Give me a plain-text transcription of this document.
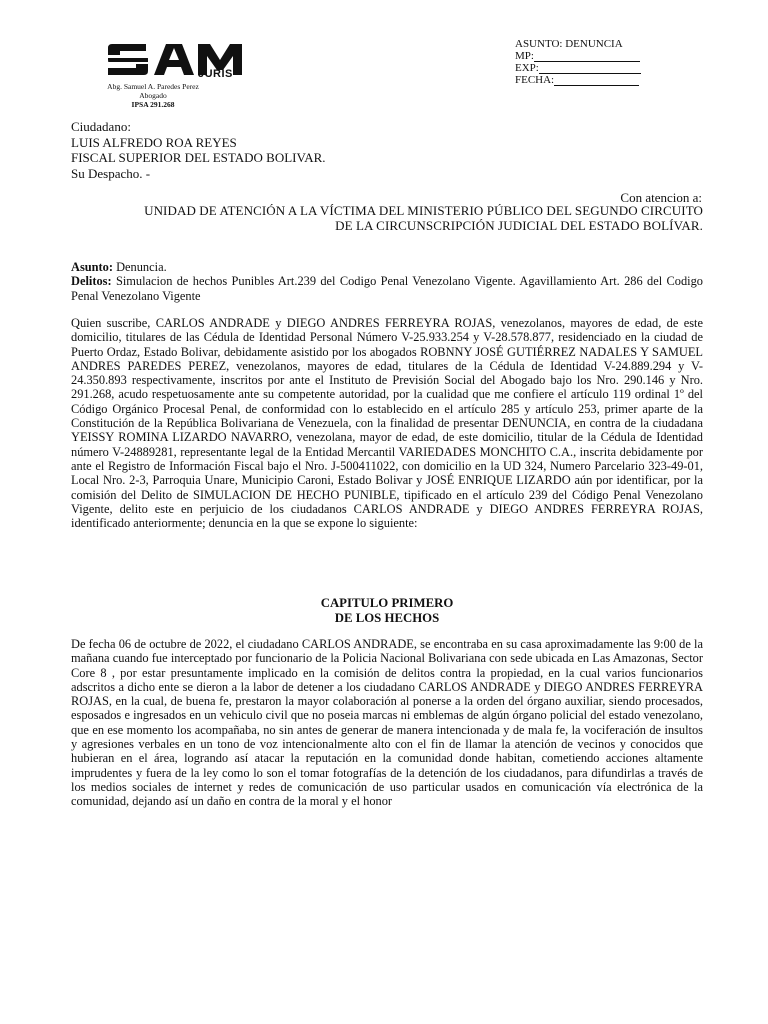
JURIS
Abg. Samuel A. Paredes Perez
Abogado
IPSA 291.268
ASUNTO: DENUNCIA
MP:
EXP:
FECHA:
Ciudadano:
LUIS ALFREDO ROA REYES
FISCAL SUPERIOR DEL ESTADO BOLIVAR.
Su Despacho. -
Con atencion a:
UNIDAD DE ATENCIÓN A LA VÍCTIMA DEL MINISTERIO PÚBLICO DEL SEGUNDO CIRCUITO DE LA CIRCUNSCRIPCIÓN JUDICIAL DEL ESTADO BOLÍVAR.
Asunto: Denuncia.
Delitos: Simulacion de hechos Punibles Art.239 del Codigo Penal Venezolano Vigente. Agavillamiento Art. 286 del Codigo Penal Venezolano Vigente
Quien suscribe, CARLOS ANDRADE y DIEGO ANDRES FERREYRA ROJAS, venezolanos, mayores de edad, de este domicilio, titulares de las Cédula de Identidad Personal Número V-25.933.254 y V-28.578.877, residenciado en la ciudad de Puerto Ordaz, Estado Bolivar, debidamente asistido por los abogados ROBNNY JOSÉ GUTIÉRREZ NADALES Y SAMUEL ANDRES PAREDES PEREZ, venezolanos, mayores de edad, titulares de la Cédula de Identidad V-24.889.294 y V- 24.350.893 respectivamente, inscritos por ante el Instituto de Previsión Social del Abogado bajo los Nro. 290.146 y Nro. 291.268, acudo respetuosamente ante su competente autoridad, por la cualidad que me confiere el artículo 119 ordinal 1º del Código Orgánico Procesal Penal, de conformidad con lo establecido en el artículo 285 y artículo 253, primer aparte de la Constitución de la República Bolivariana de Venezuela, con la finalidad de presentar DENUNCIA, en contra de la ciudadana YEISSY ROMINA LIZARDO NAVARRO, venezolana, mayor de edad, de este domicilio, titular de la Cédula de Identidad número V-24889281, representante legal de la Entidad Mercantil VARIEDADES MONCHITO C.A., inscrita debidamente por ante el Registro de Información Fiscal bajo el Nro. J-500411022, con domicilio en la UD 324, Numero Parcelario 323-49-01, Local Nro. 2-3, Parroquia Unare, Municipio Caroni, Estado Bolivar y JOSÉ ENRIQUE LIZARDO aún por identificar, por la comisión del Delito de SIMULACION DE HECHO PUNIBLE, tipificado en el artículo 239 del Código Penal Venezolano Vigente, delito este en perjuicio de los ciudadanos CARLOS ANDRADE y DIEGO ANDRES FERREYRA ROJAS, identificado anteriormente; denuncia en la que se expone lo siguiente:
CAPITULO PRIMERO
DE LOS HECHOS
De fecha 06 de octubre de 2022, el ciudadano CARLOS ANDRADE, se encontraba en su casa aproximadamente las 9:00 de la mañana cuando fue interceptado por funcionario de la Policia Nacional Bolivariana con sede ubicada en Las Amazonas, Sector Core 8 , por estar presuntamente implicado en la comisión de delitos contra la propiedad, en la cual varios funcionarios adscritos a dicho ente se dieron a la labor de detener a los ciudadano CARLOS ANDRADE y DIEGO ANDRES FERREYRA ROJAS, en la cual, de buena fe, prestaron la mayor colaboración al ponerse a la orden del órgano auxiliar, siendo procesados, esposados e ingresados en un vehiculo civil que no poseia marcas ni emblemas de algún órgano policial del estado venezolano, que en ese momento los acompañaba, no sin antes de generar de manera intencionada y de mala fe, la vociferación de insultos y agresiones verbales en un tono de voz intencionalmente alto con el fin de llamar la atención de vecinos y conocidos que hubieran en el área, logrando así atacar la reputación en la comunidad donde habitan, cometiendo acciones altamente imprudentes y fuera de la ley como lo son el tomar fotografías de la detención de los ciudadanos, para difundirlas a través de los medios sociales de internet y redes de comunicación de uso particular usados en comunicación vía electrónica de la comunidad, dejando así un daño en contra de la moral y el honor
